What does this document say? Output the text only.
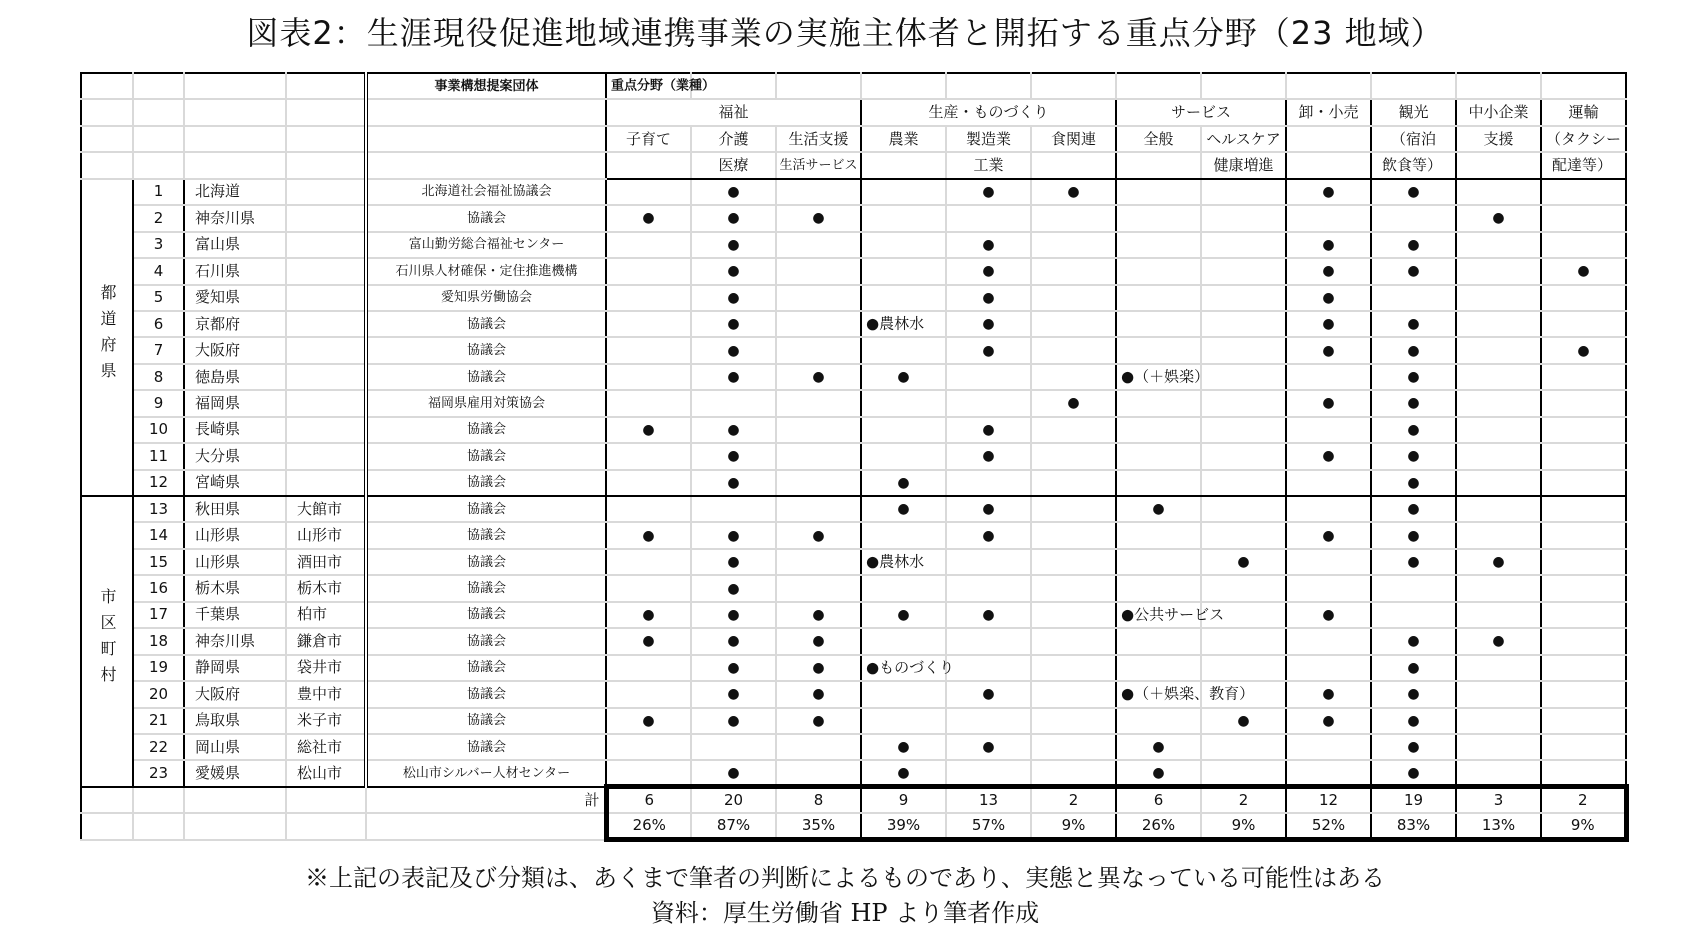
図表2：生涯現役促進地域連携事業の実施主体者と開拓する重点分野（23 地域）
				事業構想提案団体	重点分野（業種）											

					福祉			生産・ものづくり			サービス		卸・小売	観光	中小企業	運輸
					子育て	介護	生活支援	農業	製造業	食関連	全般	ヘルスケア		（宿泊	支援	（タクシー
						医療	生活サービス		工業			健康増進		飲食等）		配達等）
都道府県	1	北海道		北海道社会福祉協議会		●			●	●			●	●		
	2	神奈川県		協議会	●	●	●								●	
	3	富山県		富山勤労総合福祉センター		●			●				●	●		
	4	石川県		石川県人材確保・定住推進機構		●			●				●	●		●
	5	愛知県		愛知県労働協会		●			●				●			
	6	京都府		協議会		●		●農林水	●				●	●		
	7	大阪府		協議会		●			●				●	●		●
	8	徳島県		協議会		●	●	●			●（＋娯楽）			●		
	9	福岡県		福岡県雇用対策協会						●			●	●		
	10	長崎県		協議会	●	●			●					●		
	11	大分県		協議会		●			●				●	●		
	12	宮崎県		協議会		●		●						●		
市区町村	13	秋田県	大館市	協議会				●	●		●			●		
	14	山形県	山形市	協議会	●	●	●		●				●	●		
	15	山形県	酒田市	協議会		●		●農林水				●		●	●	
	16	栃木県	栃木市	協議会		●										
	17	千葉県	柏市	協議会	●	●	●	●	●		●公共サービス		●			
	18	神奈川県	鎌倉市	協議会	●	●	●							●	●	
	19	静岡県	袋井市	協議会		●	●	●ものづくり						●		
	20	大阪府	豊中市	協議会		●	●		●		●（＋娯楽、教育）		●	●		
	21	鳥取県	米子市	協議会	●	●	●					●	●	●		
	22	岡山県	総社市	協議会				●	●		●			●		
	23	愛媛県	松山市	松山市シルバー人材センター		●		●			●			●		
				計	6	20	8	9	13	2	6	2	12	19	3	2
					26%	87%	35%	39%	57%	9%	26%	9%	52%	83%	13%	9%
※上記の表記及び分類は、あくまで筆者の判断によるものであり、実態と異なっている可能性はある
資料：厚生労働省 HP より筆者作成
